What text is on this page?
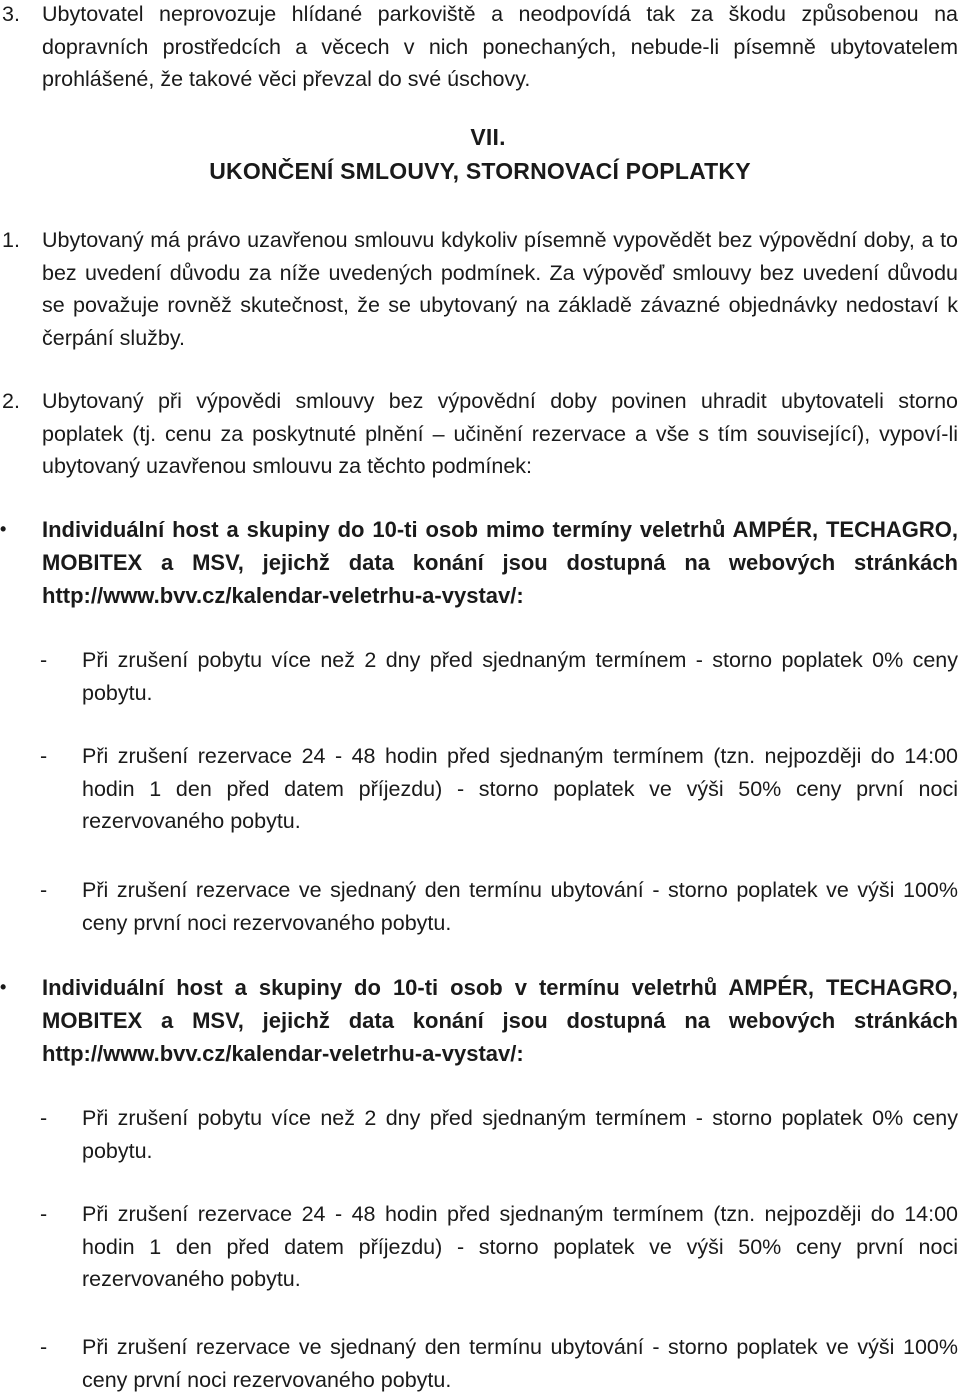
3.	Ubytovatel neprovozuje hlídané parkoviště a neodpovídá tak za škodu způsobenou na dopravních prostředcích a věcech v nich ponechaných, nebude-li písemně ubytovatelem prohlášené, že takové věci převzal do své úschovy.
VII.
UKONČENÍ SMLOUVY, STORNOVACÍ POPLATKY
1.	Ubytovaný má právo uzavřenou smlouvu kdykoliv písemně vypovědět bez výpovědní doby, a to bez uvedení důvodu za níže uvedených podmínek. Za výpověď smlouvy bez uvedení důvodu se považuje rovněž skutečnost, že se ubytovaný na základě závazné objednávky nedostaví k čerpání služby.
2.	Ubytovaný při výpovědi smlouvy bez výpovědní doby povinen uhradit ubytovateli storno poplatek (tj. cenu za poskytnuté plnění – učinění rezervace a vše s tím související), vypoví-li ubytovaný uzavřenou smlouvu za těchto podmínek:
•	Individuální host a skupiny do 10-ti osob mimo termíny veletrhů AMPÉR, TECHAGRO, MOBITEX a MSV, jejichž data konání jsou dostupná na webových stránkách http://www.bvv.cz/kalendar-veletrhu-a-vystav/:
-	Při zrušení pobytu více než 2 dny před sjednaným termínem - storno poplatek 0% ceny pobytu.
-	Při zrušení rezervace 24 - 48 hodin před sjednaným termínem (tzn. nejpozději do 14:00 hodin 1 den před datem příjezdu) - storno poplatek ve výši 50% ceny první noci rezervovaného pobytu.
-	Při zrušení rezervace ve sjednaný den termínu ubytování - storno poplatek ve výši 100% ceny první noci rezervovaného pobytu.
•	Individuální host a skupiny do 10-ti osob v termínu veletrhů AMPÉR, TECHAGRO, MOBITEX a MSV, jejichž data konání jsou dostupná na webových stránkách http://www.bvv.cz/kalendar-veletrhu-a-vystav/:
-	Při zrušení pobytu více než 2 dny před sjednaným termínem - storno poplatek 0% ceny pobytu.
-	Při zrušení rezervace 24 - 48 hodin před sjednaným termínem (tzn. nejpozději do 14:00 hodin 1 den před datem příjezdu) - storno poplatek ve výši 50% ceny první noci rezervovaného pobytu.
-	Při zrušení rezervace ve sjednaný den termínu ubytování - storno poplatek ve výši 100% ceny první noci rezervovaného pobytu.
